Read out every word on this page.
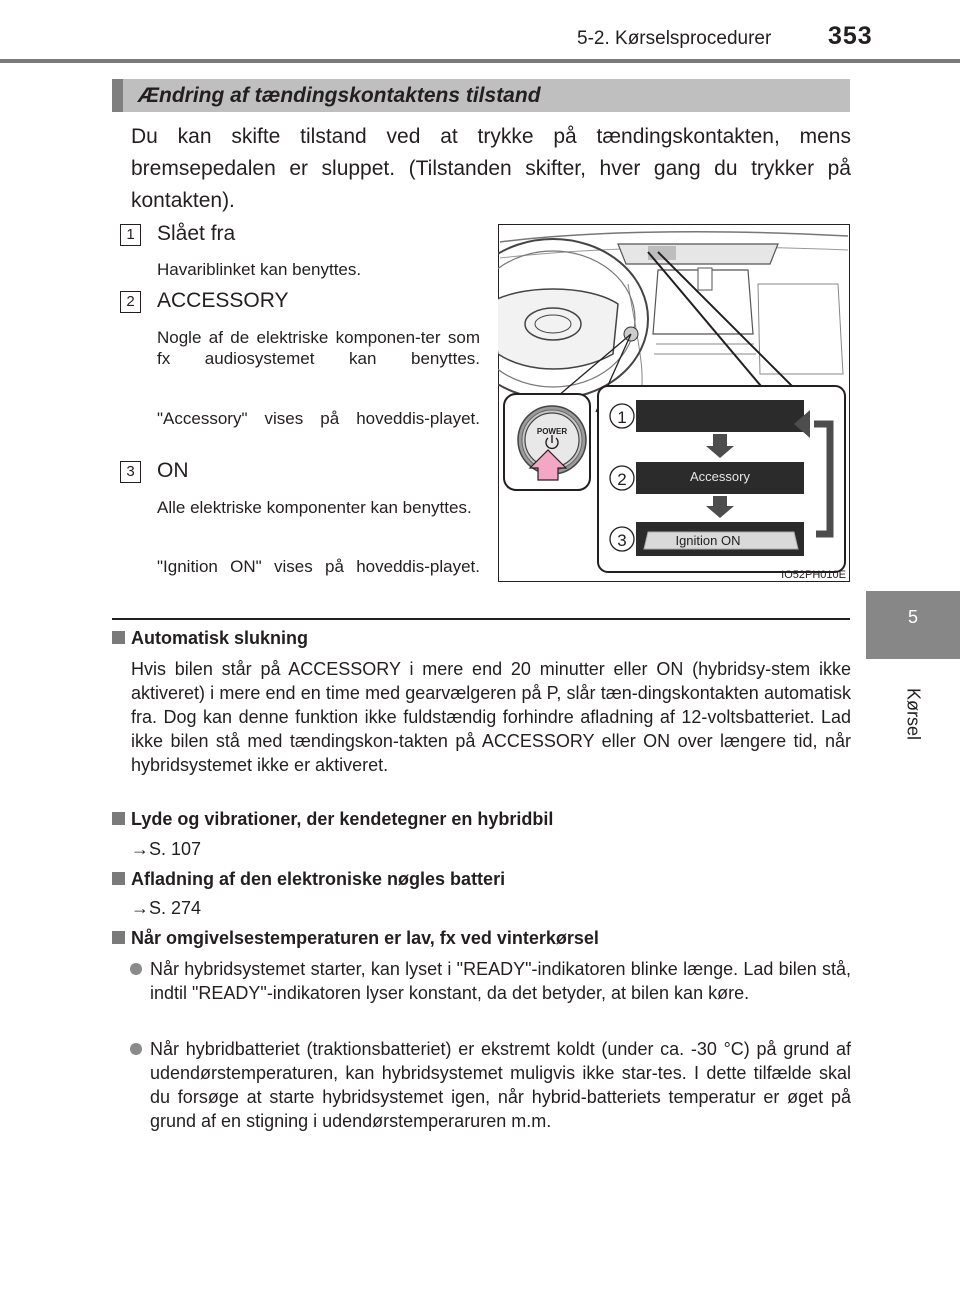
5-2. Kørselsprocedurer 353
5
Kørsel
Ændring af tændingskontaktens tilstand

Du kan skifte tilstand ved at trykke på tændingskontakten, mens bremsepedalen er sluppet. (Tilstanden skifter, hver gang du trykker på kontakten).

1	Slået fra

Havariblinket kan benyttes.

2	ACCESSORY

Nogle af de elektriske komponen-ter som fx audiosystemet kan benyttes.

"Accessory" vises på hoveddis-playet.

3	ON

Alle elektriske komponenter kan benyttes.

"Ignition ON" vises på hoveddis-playet.

POWER
Accessory
Ignition ON
1
2
3
IO52PH010E
Automatisk slukning

Hvis bilen står på ACCESSORY i mere end 20 minutter eller ON (hybridsy-stem ikke aktiveret) i mere end en time med gearvælgeren på P, slår tæn-dingskontakten automatisk fra. Dog kan denne funktion ikke fuldstændig forhindre afladning af 12-voltsbatteriet. Lad ikke bilen stå med tændingskon-takten på ACCESSORY eller ON over længere tid, når hybridsystemet ikke er aktiveret.

Lyde og vibrationer, der kendetegner en hybridbil
→S. 107
Afladning af den elektroniske nøgles batteri
→S. 274
Når omgivelsestemperaturen er lav, fx ved vinterkørsel

Når hybridsystemet starter, kan lyset i "READY"-indikatoren blinke længe. Lad bilen stå, indtil "READY"-indikatoren lyser konstant, da det betyder, at bilen kan køre.

Når hybridbatteriet (traktionsbatteriet) er ekstremt koldt (under ca. -30 °C) på grund af udendørstemperaturen, kan hybridsystemet muligvis ikke star-tes. I dette tilfælde skal du forsøge at starte hybridsystemet igen, når hybrid-batteriets temperatur er øget på grund af en stigning i udendørstemperaruren m.m.
